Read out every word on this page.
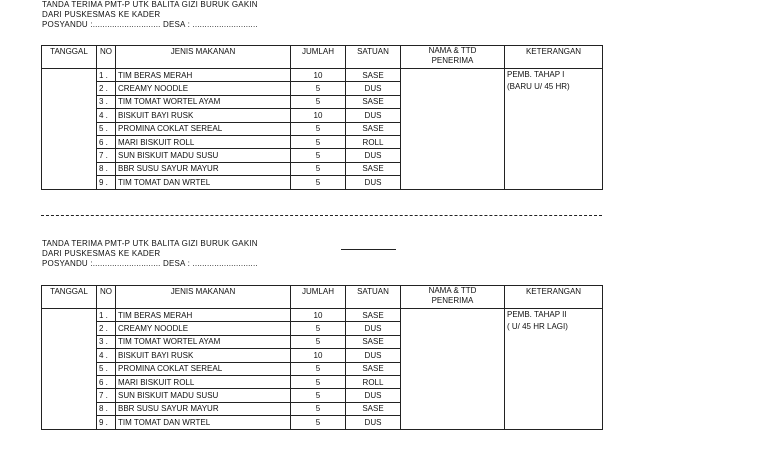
TANDA TERIMA PMT-P UTK BALITA GIZI BURUK GAKIN
DARI PUSKESMAS KE KADER
POSYANDU :............................ DESA : ...........................
TANGGAL	NO	JENIS MAKANAN	JUMLAH	SATUAN	NAMA & TTD PENERIMA	KETERANGAN
	1 .	TIM BERAS MERAH	10	SASE		PEMB. TAHAP I
(BARU U/ 45 HR)

	2 .	CREAMY NOODLE	5	DUS		
	3 .	TIM TOMAT WORTEL AYAM	5	SASE		
	4 .	BISKUIT BAYI RUSK	10	DUS		
	5 .	PROMINA COKLAT SEREAL	5	SASE		
	6 .	MARI BISKUIT ROLL	5	ROLL		
	7 .	SUN BISKUIT MADU SUSU	5	DUS		
	8 .	BBR SUSU SAYUR MAYUR	5	SASE		
	9 .	TIM TOMAT DAN WRTEL	5	DUS		
TANDA TERIMA PMT-P UTK BALITA GIZI BURUK GAKIN
DARI PUSKESMAS KE KADER
POSYANDU :............................ DESA : ...........................
TANGGAL	NO	JENIS MAKANAN	JUMLAH	SATUAN	NAMA & TTD PENERIMA	KETERANGAN
	1 .	TIM BERAS MERAH	10	SASE		PEMB. TAHAP II
( U/ 45 HR LAGI)

	2 .	CREAMY NOODLE	5	DUS		
	3 .	TIM TOMAT WORTEL AYAM	5	SASE		
	4 .	BISKUIT BAYI RUSK	10	DUS		
	5 .	PROMINA COKLAT SEREAL	5	SASE		
	6 .	MARI BISKUIT ROLL	5	ROLL		
	7 .	SUN BISKUIT MADU SUSU	5	DUS		
	8 .	BBR SUSU SAYUR MAYUR	5	SASE		
	9 .	TIM TOMAT DAN WRTEL	5	DUS		
